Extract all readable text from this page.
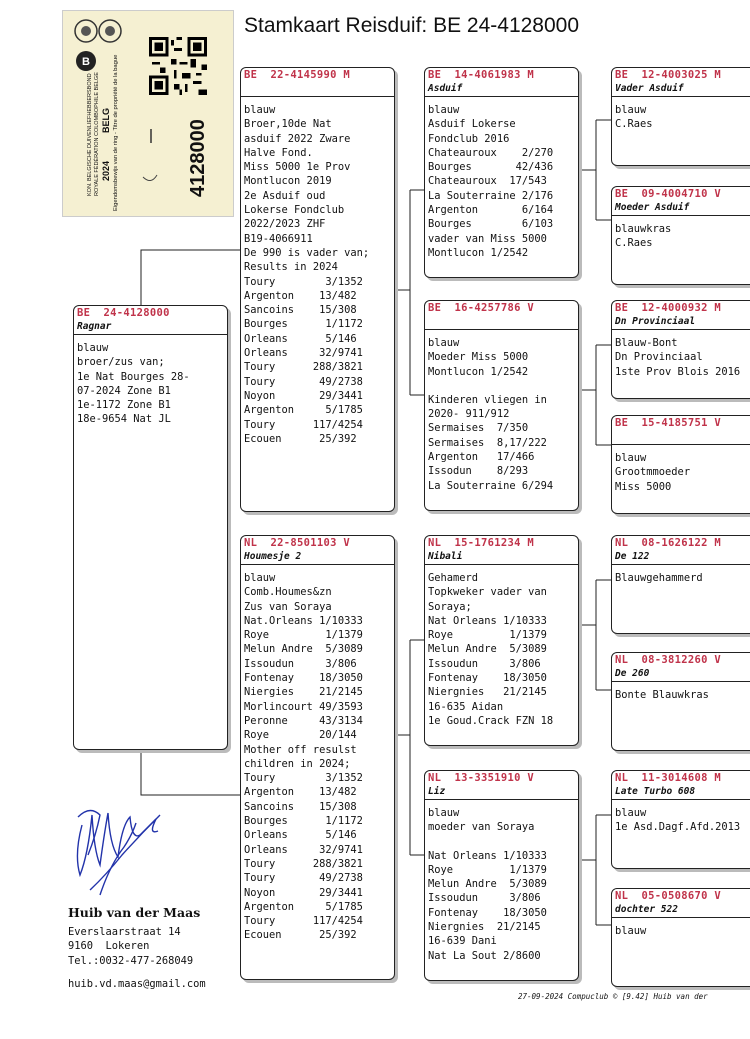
Stamkaart Reisduif: BE 24-4128000
B
KON. BELGISCHE DUIVENLIEFHEBBERSBOND ROYALE FÉDÉRATION COLOMBOPHILE BELGE 2024
BELG Eigendomsbewijs van de ring - Titre de propriété de la bague	4128000
BE  24-4128000
Ragnar
blauw
broer/zus van;
1e Nat Bourges 28-
07-2024 Zone B1
1e-1172 Zone B1
18e-9654 Nat JL
BE  22-4145990 M
blauw
Broer,10de Nat
asduif 2022 Zware
Halve Fond.
Miss 5000 1e Prov
Montlucon 2019
2e Asduif oud
Lokerse Fondclub
2022/2023 ZHF
B19-4066911
De 990 is vader van;
Results in 2024
Toury        3/1352
Argenton    13/482
Sancoins    15/308
Bourges      1/1172
Orleans      5/146
Orleans     32/9741
Toury      288/3821
Toury       49/2738
Noyon       29/3441
Argenton     5/1785
Toury      117/4254
Ecouen      25/392
NL  22-8501103 V
Houmesje 2
blauw
Comb.Houmes&zn
Zus van Soraya
Nat.Orleans 1/10333
Roye         1/1379
Melun Andre  5/3089
Issoudun     3/806
Fontenay    18/3050
Niergies    21/2145
Morlincourt 49/3593
Peronne     43/3134
Roye        20/144
Mother off resulst
children in 2024;
Toury        3/1352
Argenton    13/482
Sancoins    15/308
Bourges      1/1172
Orleans      5/146
Orleans     32/9741
Toury      288/3821
Toury       49/2738
Noyon       29/3441
Argenton     5/1785
Toury      117/4254
Ecouen      25/392
BE  14-4061983 M
Asduif
blauw
Asduif Lokerse
Fondclub 2016
Chateauroux    2/270
Bourges       42/436
Chateauroux  17/543
La Souterraine 2/176
Argenton       6/164
Bourges        6/103
vader van Miss 5000
Montlucon 1/2542
BE  16-4257786 V
blauw
Moeder Miss 5000
Montlucon 1/2542
Kinderen vliegen in
2020- 911/912
Sermaises  7/350
Sermaises  8,17/222
Argenton   17/466
Issodun    8/293
La Souterraine 6/294
NL  15-1761234 M
Nibali
Gehamerd
Topkweker vader van
Soraya;
Nat Orleans 1/10333
Roye         1/1379
Melun Andre  5/3089
Issoudun     3/806
Fontenay    18/3050
Niergnies   21/2145
16-635 Aidan
1e Goud.Crack FZN 18
NL  13-3351910 V
Liz
blauw
moeder van Soraya
Nat Orleans 1/10333
Roye         1/1379
Melun Andre  5/3089
Issoudun     3/806
Fontenay    18/3050
Niergnies  21/2145
16-639 Dani
Nat La Sout 2/8600
BE  12-4003025 M
Vader Asduif
blauw
C.Raes
BE  09-4004710 V
Moeder Asduif
blauwkras
C.Raes
BE  12-4000932 M
Dn Provinciaal
Blauw-Bont
Dn Provinciaal
1ste Prov Blois 2016
BE  15-4185751 V
blauw
Grootmmoeder
Miss 5000
NL  08-1626122 M
De 122
Blauwgehammerd
NL  08-3812260 V
De 260
Bonte Blauwkras
NL  11-3014608 M
Late Turbo 608
blauw
1e Asd.Dagf.Afd.2013
NL  05-0508670 V
dochter 522
blauw
Huib van der Maas
Everslaarstraat 14
9160  Lokeren
Tel.:0032-477-268049
huib.vd.maas@gmail.com
27-09-2024 Compuclub © [9.42] Huib van der
